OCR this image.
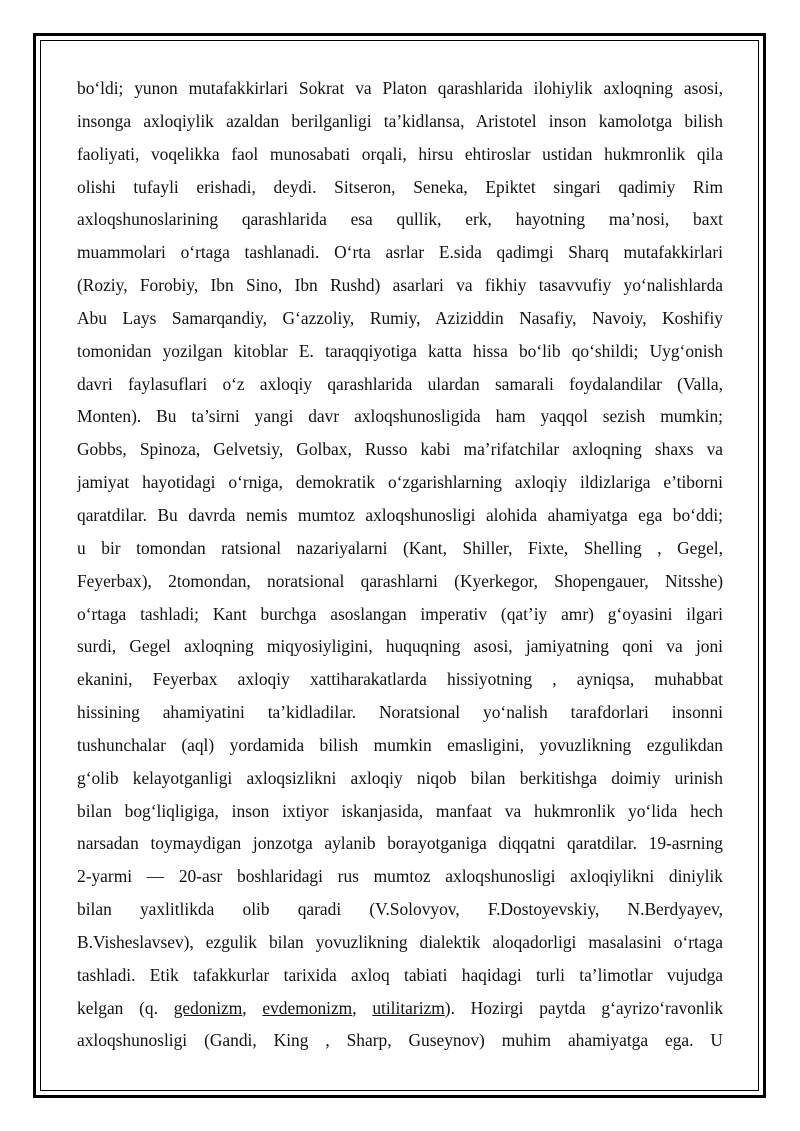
bo‘ldi; yunon mutafakkirlari Sokrat va Platon qarashlarida ilohiylik axloqning asosi,
insonga axloqiylik azaldan berilganligi ta’kidlansa, Aristotel inson kamolotga bilish
faoliyati, voqelikka faol munosabati orqali, hirsu ehtiroslar ustidan hukmronlik qila
olishi tufayli erishadi, deydi. Sitseron, Seneka, Epiktet singari qadimiy Rim
axloqshunoslarining qarashlarida esa qullik, erk, hayotning ma’nosi, baxt
muammolari o‘rtaga tashlanadi. O‘rta asrlar E.sida qadimgi Sharq mutafakkirlari
(Roziy, Forobiy, Ibn Sino, Ibn Rushd) asarlari va fikhiy tasavvufiy yo‘nalishlarda
Abu Lays Samarqandiy, G‘azzoliy, Rumiy, Aziziddin Nasafiy, Navoiy, Koshifiy
tomonidan yozilgan kitoblar E. taraqqiyotiga katta hissa bo‘lib qo‘shildi; Uyg‘onish
davri faylasuflari o‘z axloqiy qarashlarida ulardan samarali foydalandilar (Valla,
Monten). Bu ta’sirni yangi davr axloqshunosligida ham yaqqol sezish mumkin;
Gobbs, Spinoza, Gelvetsiy, Golbax, Russo kabi ma’rifatchilar axloqning shaxs va
jamiyat hayotidagi o‘rniga, demokratik o‘zgarishlarning axloqiy ildizlariga e’tiborni
qaratdilar. Bu davrda nemis mumtoz axloqshunosligi alohida ahamiyatga ega bo‘ddi;
u bir tomondan ratsional nazariyalarni (Kant, Shiller, Fixte, Shelling , Gegel,
Feyerbax), 2tomondan, noratsional qarashlarni (Kyerkegor, Shopengauer, Nitsshe)
o‘rtaga tashladi; Kant burchga asoslangan imperativ (qat’iy amr) g‘oyasini ilgari
surdi, Gegel axloqning miqyosiyligini, huquqning asosi, jamiyatning qoni va joni
ekanini, Feyerbax axloqiy xattiharakatlarda hissiyotning , ayniqsa, muhabbat
hissining ahamiyatini ta’kidladilar. Noratsional yo‘nalish tarafdorlari insonni
tushunchalar (aql) yordamida bilish mumkin emasligini, yovuzlikning ezgulikdan
g‘olib kelayotganligi axloqsizlikni axloqiy niqob bilan berkitishga doimiy urinish
bilan bog‘liqligiga, inson ixtiyor iskanjasida, manfaat va hukmronlik yo‘lida hech
narsadan toymaydigan jonzotga aylanib borayotganiga diqqatni qaratdilar. 19-asrning
2-yarmi — 20-asr boshlaridagi rus mumtoz axloqshunosligi axloqiylikni diniylik
bilan yaxlitlikda olib qaradi (V.Solovyov, F.Dostoyevskiy, N.Berdyayev,
B.Visheslavsev), ezgulik bilan yovuzlikning dialektik aloqadorligi masalasini o‘rtaga
tashladi. Etik tafakkurlar tarixida axloq tabiati haqidagi turli ta’limotlar vujudga
kelgan (q. gedonizm, evdemonizm, utilitarizm). Hozirgi paytda g‘ayrizo‘ravonlik
axloqshunosligi (Gandi, King , Sharp, Guseynov) muhim ahamiyatga ega. U
